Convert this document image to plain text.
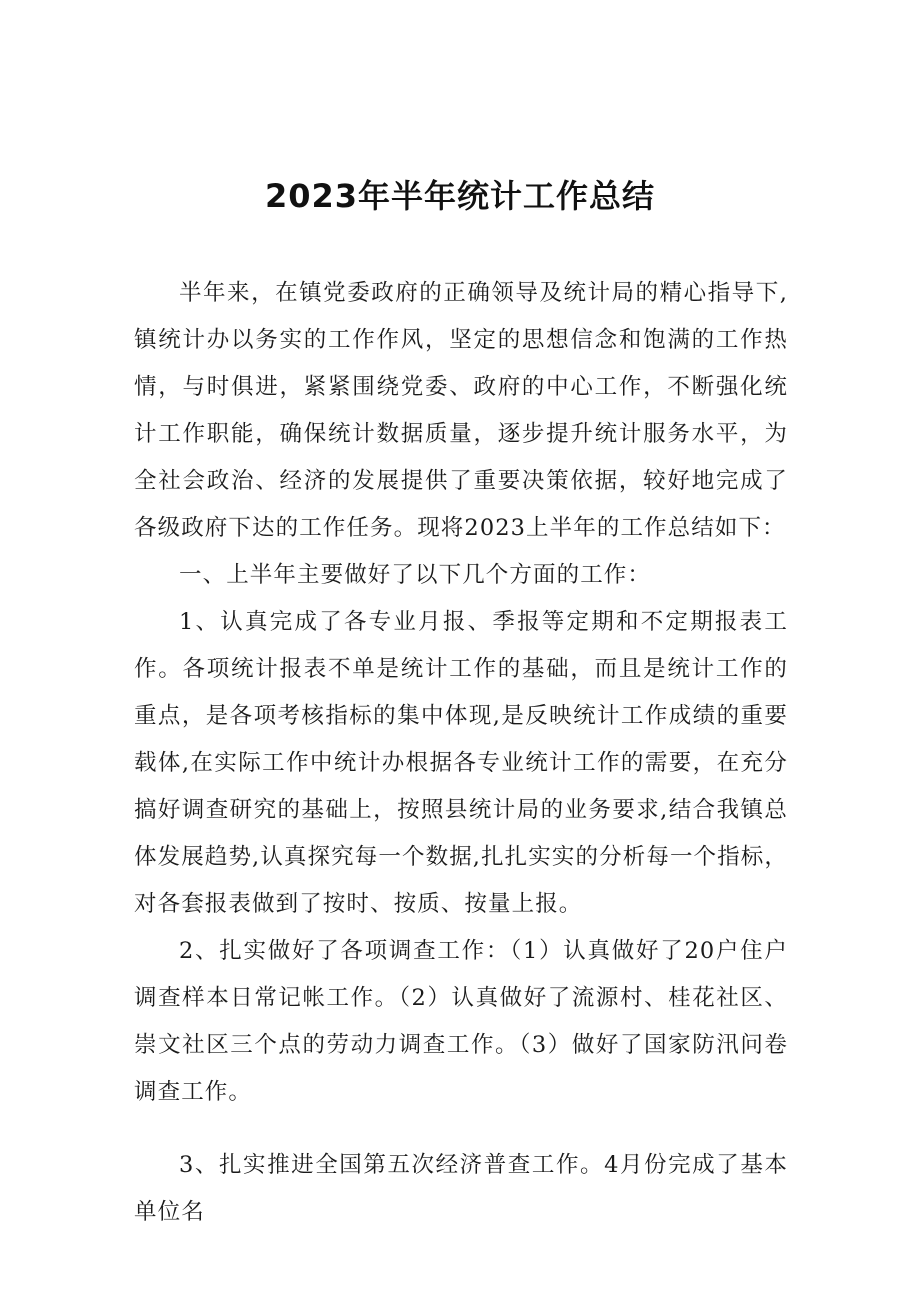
2023年半年统计工作总结

半年来，在镇党委政府的正确领导及统计局的精心指导下,镇统计办以务实的工作作风，坚定的思想信念和饱满的工作热情，与时俱进，紧紧围绕党委、政府的中心工作，不断强化统计工作职能，确保统计数据质量，逐步提升统计服务水平，为全社会政治、经济的发展提供了重要决策依据，较好地完成了各级政府下达的工作任务。现将2023上半年的工作总结如下：

一、上半年主要做好了以下几个方面的工作：

1、认真完成了各专业月报、季报等定期和不定期报表工作。各项统计报表不单是统计工作的基础，而且是统计工作的重点，是各项考核指标的集中体现,是反映统计工作成绩的重要载体,在实际工作中统计办根据各专业统计工作的需要，在充分搞好调查研究的基础上，按照县统计局的业务要求,结合我镇总体发展趋势,认真探究每一个数据,扎扎实实的分析每一个指标，对各套报表做到了按时、按质、按量上报。

2、扎实做好了各项调查工作：（1）认真做好了20户住户调查样本日常记帐工作。（2）认真做好了流源村、桂花社区、崇文社区三个点的劳动力调查工作。（3）做好了国家防汛问卷调查工作。

3、扎实推进全国第五次经济普查工作。4月份完成了基本单位名
